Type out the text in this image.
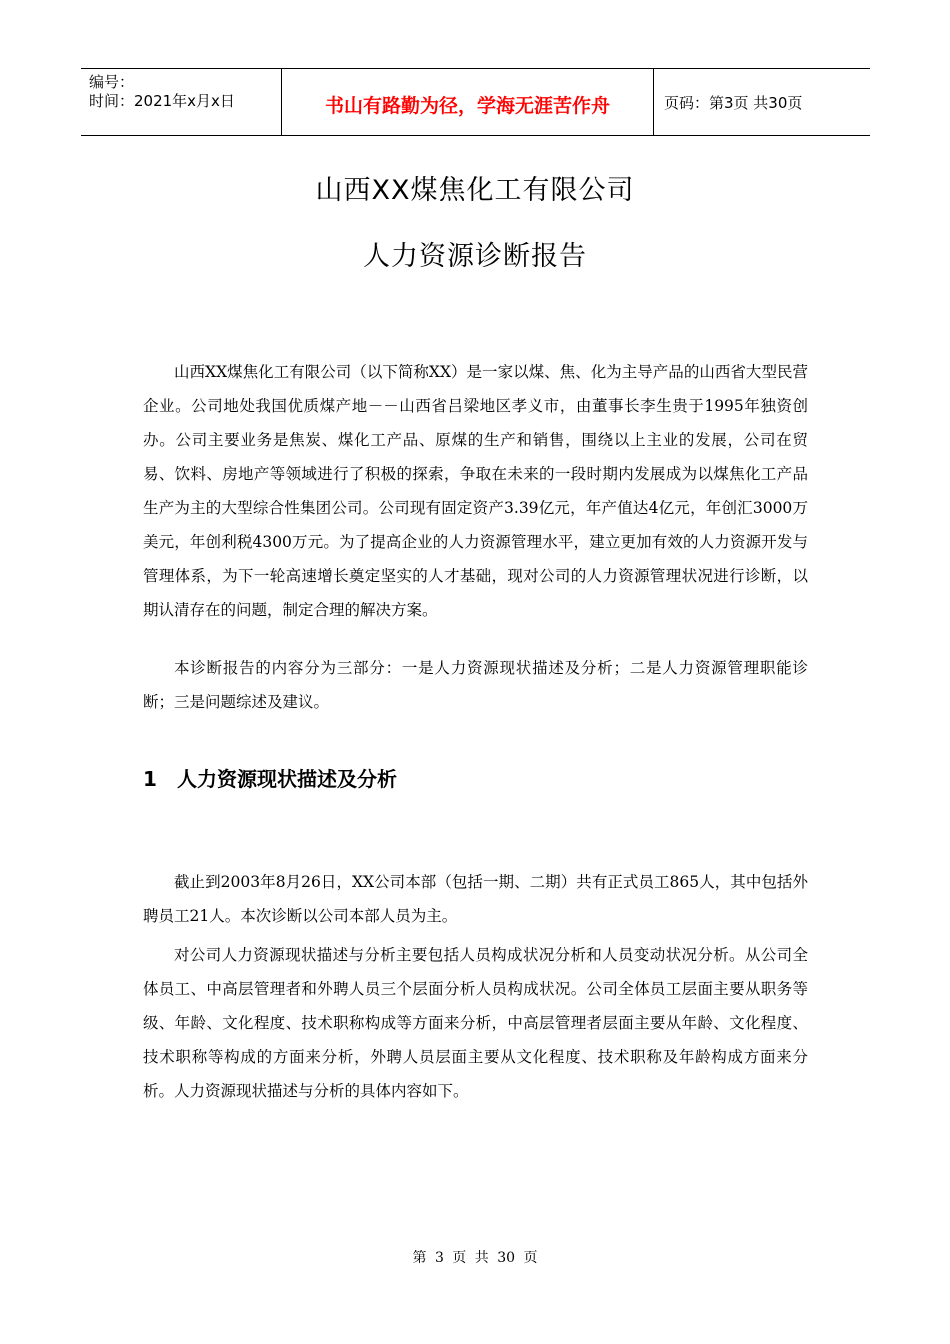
编号：
时间：2021年x月x日	书山有路勤为径，学海无涯苦作舟	页码：第3页 共30页
山西XX煤焦化工有限公司
人力资源诊断报告

山西XX煤焦化工有限公司（以下简称XX）是一家以煤、焦、化为主导产品的山西省大型民营企业。公司地处我国优质煤产地－－山西省吕梁地区孝义市，由董事长李生贵于1995年独资创办。公司主要业务是焦炭、煤化工产品、原煤的生产和销售，围绕以上主业的发展，公司在贸易、饮料、房地产等领域进行了积极的探索，争取在未来的一段时期内发展成为以煤焦化工产品生产为主的大型综合性集团公司。公司现有固定资产3.39亿元，年产值达4亿元，年创汇3000万美元，年创利税4300万元。为了提高企业的人力资源管理水平，建立更加有效的人力资源开发与管理体系，为下一轮高速增长奠定坚实的人才基础，现对公司的人力资源管理状况进行诊断，以期认清存在的问题，制定合理的解决方案。

本诊断报告的内容分为三部分：一是人力资源现状描述及分析；二是人力资源管理职能诊断；三是问题综述及建议。

1 人力资源现状描述及分析

截止到2003年8月26日，XX公司本部（包括一期、二期）共有正式员工865人，其中包括外聘员工21人。本次诊断以公司本部人员为主。

对公司人力资源现状描述与分析主要包括人员构成状况分析和人员变动状况分析。从公司全体员工、中高层管理者和外聘人员三个层面分析人员构成状况。公司全体员工层面主要从职务等级、年龄、文化程度、技术职称构成等方面来分析，中高层管理者层面主要从年龄、文化程度、技术职称等构成的方面来分析，外聘人员层面主要从文化程度、技术职称及年龄构成方面来分析。人力资源现状描述与分析的具体内容如下。

第 3 页 共 30 页
